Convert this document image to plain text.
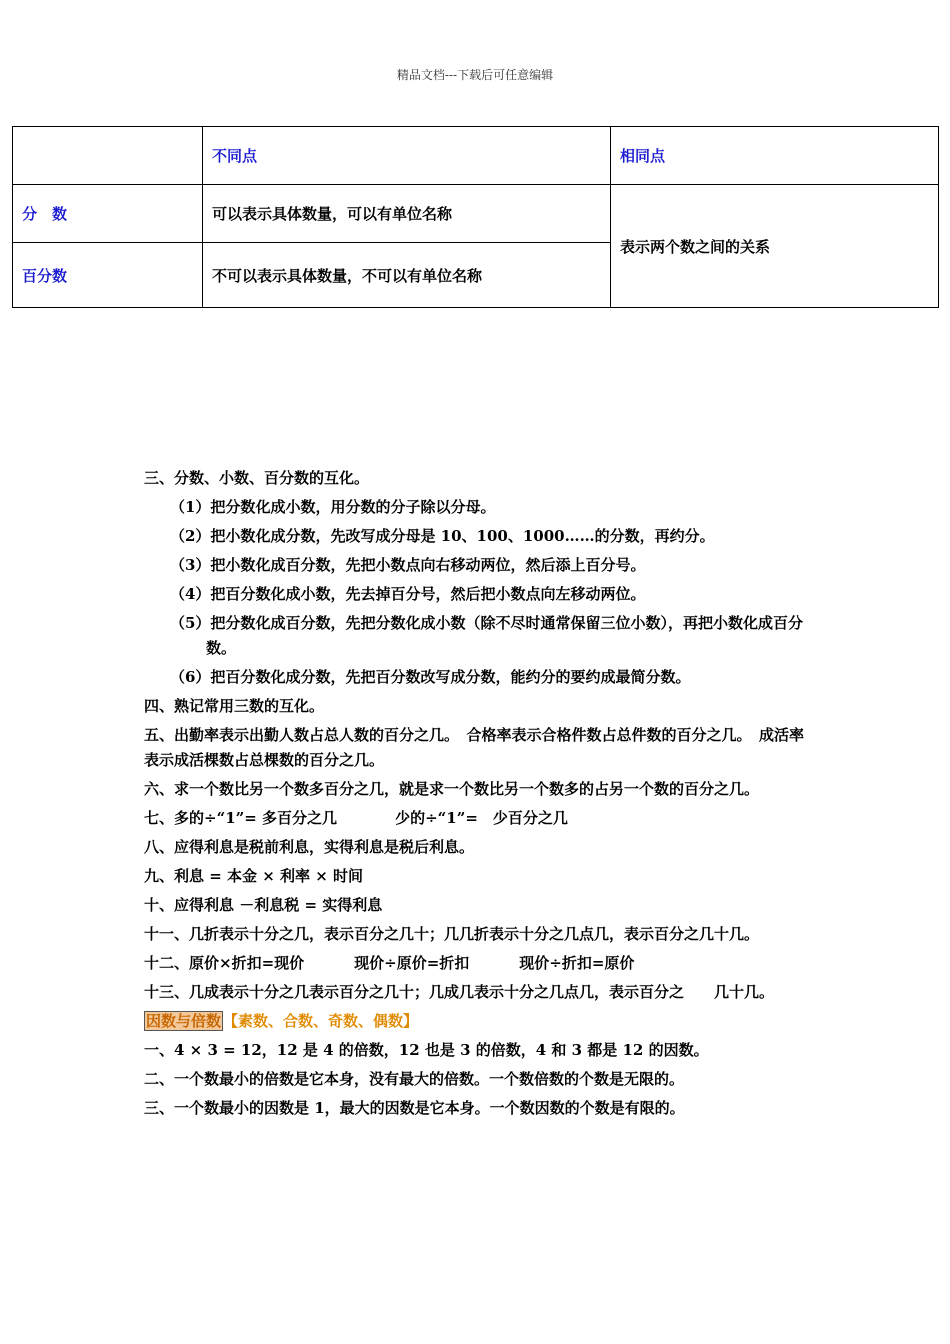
精品文档---下载后可任意编辑
	不同点	相同点
分　数	可以表示具体数量，可以有单位名称	表示两个数之间的关系
百分数	不可以表示具体数量，不可以有单位名称	
三、分数、小数、百分数的互化。
（1）把分数化成小数，用分数的分子除以分母。
（2）把小数化成分数，先改写成分母是 10、100、1000……的分数，再约分。
（3）把小数化成百分数，先把小数点向右移动两位，然后添上百分号。
（4）把百分数化成小数，先去掉百分号，然后把小数点向左移动两位。
（5）把分数化成百分数，先把分数化成小数（除不尽时通常保留三位小数），再把小数化成百分数。
（6）把百分数化成分数，先把百分数改写成分数，能约分的要约成最简分数。
四、熟记常用三数的互化。
五、出勤率表示出勤人数占总人数的百分之几。　合格率表示合格件数占总件数的百分之几。　成活率表示成活棵数占总棵数的百分之几。
六、求一个数比另一个数多百分之几，就是求一个数比另一个数多的占另一个数的百分之几。
七、多的÷“1”= 多百分之几	少的÷“1”=　少百分之几
八、应得利息是税前利息，实得利息是税后利息。
九、利息 = 本金 × 利率 × 时间
十、应得利息 －利息税 = 实得利息
十一、几折表示十分之几，表示百分之几十；几几折表示十分之几点几，表示百分之几十几。
十二、原价×折扣=现价	现价÷原价=折扣	现价÷折扣=原价
十三、几成表示十分之几表示百分之几十；几成几表示十分之几点几，表示百分之　　几十几。
因数与倍数 【素数、合数、奇数、偶数】
一、4 × 3 = 12，12 是 4 的倍数，12 也是 3 的倍数，4 和 3 都是 12 的因数。
二、一个数最小的倍数是它本身，没有最大的倍数。一个数倍数的个数是无限的。
三、一个数最小的因数是 1，最大的因数是它本身。一个数因数的个数是有限的。
